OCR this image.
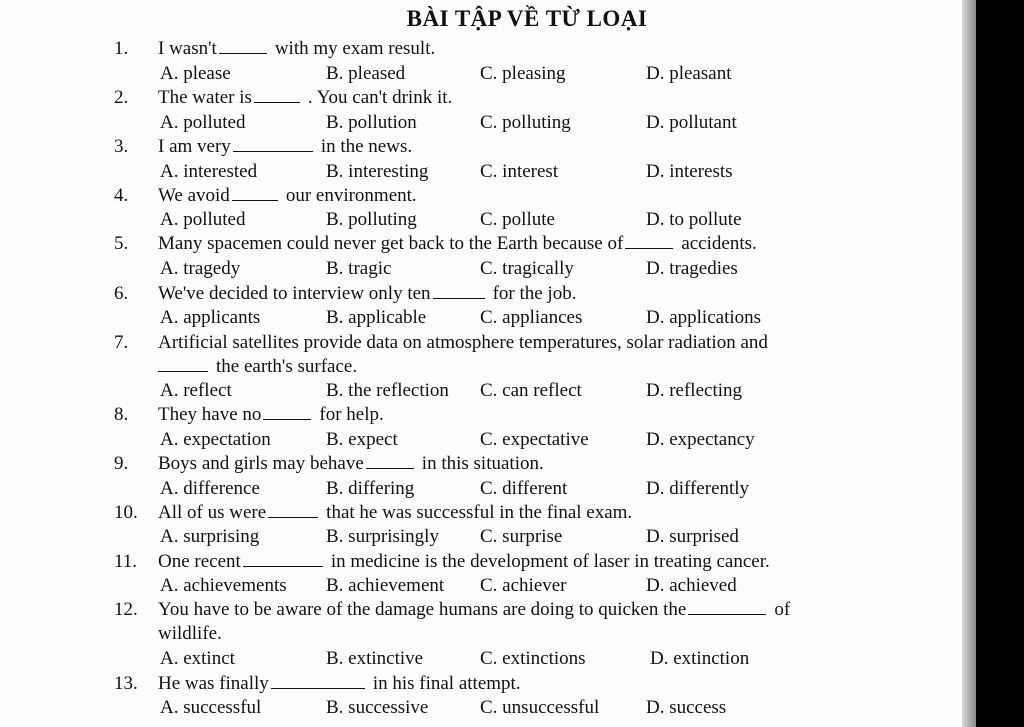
BÀI TẬP VỀ TỪ LOẠI
1. I wasn't	with my exam result.
A. please	B. pleased	C. pleasing	D. pleasant
2. The water is	. You can't drink it.
A. polluted	B. pollution	C. polluting	D. pollutant
3. I am very	in the news.
A. interested	B. interesting	C. interest	D. interests
4. We avoid	our environment.
A. polluted	B. polluting	C. pollute	D. to pollute
5. Many spacemen could never get back to the Earth because of	accidents.
A. tragedy	B. tragic	C. tragically	D. tragedies
6. We've decided to interview only ten	for the job.
A. applicants	B. applicable	C. appliances	D. applications
7. Artificial satellites provide data on atmosphere temperatures, solar radiation and
the earth's surface.
A. reflect	B. the reflection C. can reflect	D. reflecting
8. They have no	for help.
A. expectation	B. expect	C. expectative	D. expectancy
9. Boys and girls may behave	in this situation.
A. difference	B. differing	C. different	D. differently
10. All of us were	that he was successful in the final exam.
A. surprising	B. surprisingly C. surprise	D. surprised
11. One recent	in medicine is the development of laser in treating cancer.
A. achievements B. achievement C. achiever	D. achieved
12. You have to be aware of the damage humans are doing to quicken the	of
wildlife.
A. extinct	B. extinctive	C. extinctions	D. extinction
13. He was finally	in his final attempt.
A. successful	B. successive	C. unsuccessful D. success
